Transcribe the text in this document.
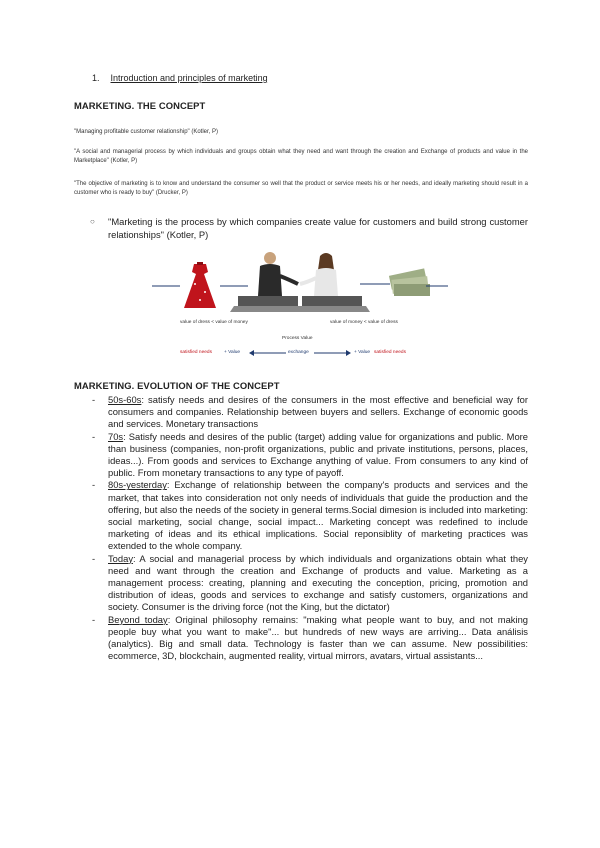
1. Introduction and principles of marketing
MARKETING. THE CONCEPT
"Managing profitable customer relationship" (Kotler, P)
"A social and managerial process by which individuals and groups obtain what they need and want through the creation and Exchange of products and value in the Marketplace" (Kotler, P)
"The objective of marketing is to know and understand the consumer so well that the product or service meets his or her needs, and ideally marketing should result in a customer who is ready to buy" (Drucker, P)
○ "Marketing is the process by which companies create value for customers and build strong customer relationships" (Kotler, P)
value of dress < value of money	value of money < value of dress
Process Value
satisfied needs	+ Value	exchange	+ Value satisfied needs
MARKETING. EVOLUTION OF THE CONCEPT
- 50s-60s: satisfy needs and desires of the consumers in the most effective and beneficial way for consumers and companies. Relationship between buyers and sellers. Exchange of economic goods and services. Monetary transactions
- 70s: Satisfy needs and desires of the public (target) adding value for organizations and public. More than business (companies, non-profit organizations, public and private institutions, persons, places, ideas...). From goods and services to Exchange anything of value. From consumers to any kind of public. From monetary transactions to any type of payoff.
- 80s-yesterday: Exchange of relationship between the company's products and services and the market, that takes into consideration not only needs of individuals that guide the production and the offering, but also the needs of the society in general terms.Social dimesion is included into marketing: social marketing, social change, social impact... Marketing concept was redefined to include marketing of ideas and its ethical implications. Social reponsiblity of marketing practices was extended to the whole company.
- Today: A social and managerial process by which individuals and organizations obtain what they need and want through the creation and Exchange of products and value. Marketing as a management process: creating, planning and executing the conception, pricing, promotion and distribution of ideas, goods and services to exchange and satisfy customers, organizations and society. Consumer is the driving force (not the King, but the dictator)
- Beyond today: Original philosophy remains: "making what people want to buy, and not making people buy what you want to make"... but hundreds of new ways are arriving... Data análisis (analytics). Big and small data. Technology is faster than we can assume. New possibilities: ecommerce, 3D, blockchain, augmented reality, virtual mirrors, avatars, virtual assistants...
